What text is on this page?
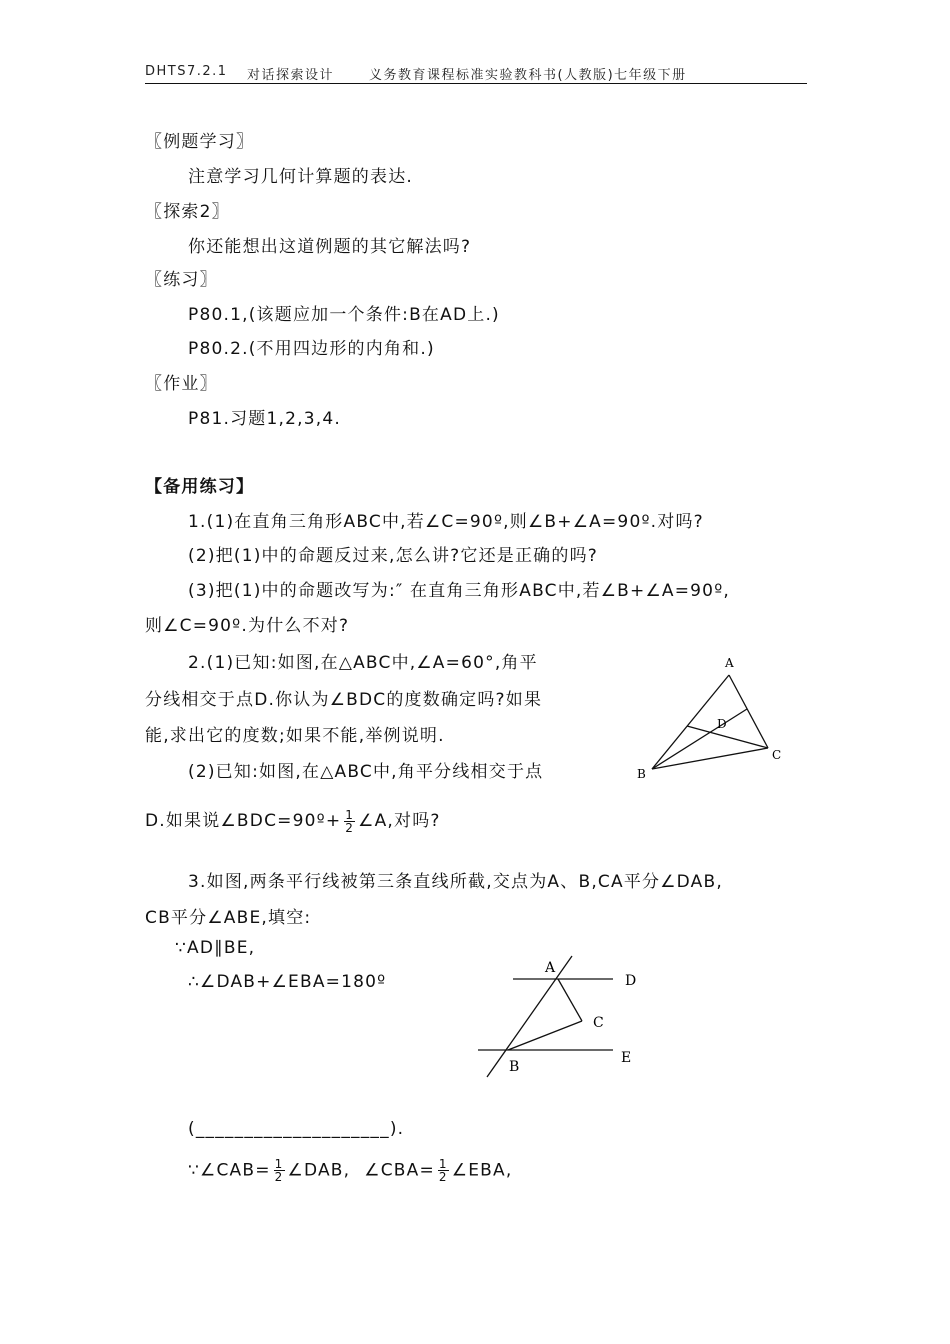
DHTS7.2.1 对话探索设计	义务教育课程标准实验教科书(人教版)七年级下册
〖例题学习〗
注意学习几何计算题的表达.
〖探索2〗
你还能想出这道例题的其它解法吗?
〖练习〗
P80.1,(该题应加一个条件:B在AD上.)
P80.2.(不用四边形的内角和.)
〖作业〗
P81.习题1,2,3,4.
【备用练习】
1.(1)在直角三角形ABC中,若∠C=90º,则∠B+∠A=90º.对吗?
(2)把(1)中的命题反过来,怎么讲?它还是正确的吗?
(3)把(1)中的命题改写为:″ 在直角三角形ABC中,若∠B+∠A=90º,
则∠C=90º.为什么不对?
2.(1)已知:如图,在△ABC中,∠A=60°,角平
分线相交于点D.你认为∠BDC的度数确定吗?如果
能,求出它的度数;如果不能,举例说明.
(2)已知:如图,在△ABC中,角平分线相交于点
D.如果说∠BDC=90º+ $\frac{1}{2}$ ∠A,对吗?
A
B
C
D
3.如图,两条平行线被第三条直线所截,交点为A、B,CA平分∠DAB,
CB平分∠ABE,填空:
∵AD∥BE,
∴∠DAB+∠EBA=180º
A
D
C
E
B
(____________________).
∵∠CAB= $\frac{1}{2}$ ∠DAB, ∠CBA= $\frac{1}{2}$ ∠EBA,
